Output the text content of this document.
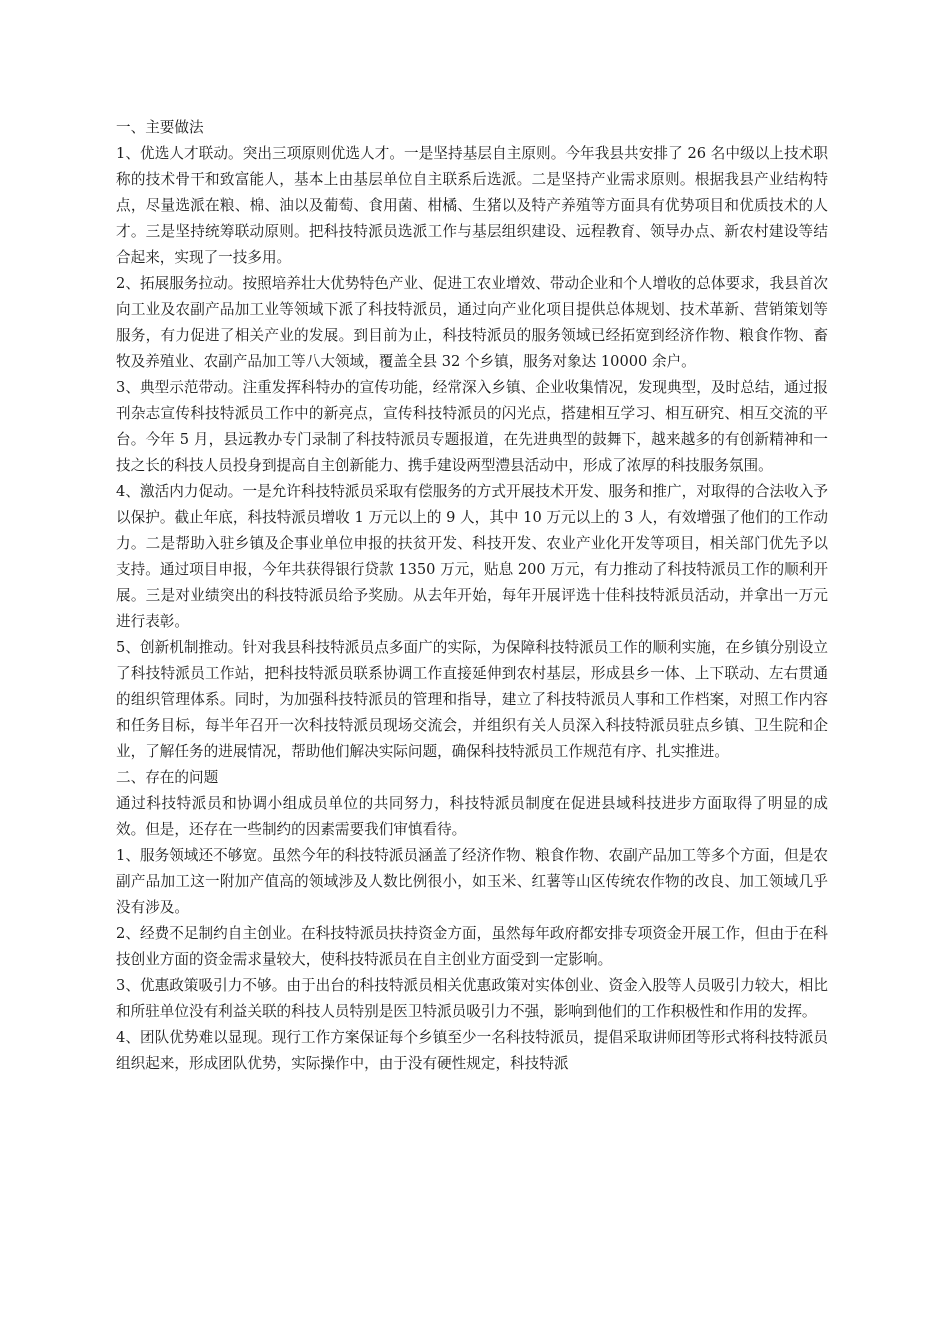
一、主要做法

1、优选人才联动。突出三项原则优选人才。一是坚持基层自主原则。今年我县共安排了 26 名中级以上技术职称的技术骨干和致富能人，基本上由基层单位自主联系后选派。二是坚持产业需求原则。根据我县产业结构特点，尽量选派在粮、棉、油以及葡萄、食用菌、柑橘、生猪以及特产养殖等方面具有优势项目和优质技术的人才。三是坚持统筹联动原则。把科技特派员选派工作与基层组织建设、远程教育、领导办点、新农村建设等结合起来，实现了一技多用。

2、拓展服务拉动。按照培养壮大优势特色产业、促进工农业增效、带动企业和个人增收的总体要求，我县首次向工业及农副产品加工业等领域下派了科技特派员，通过向产业化项目提供总体规划、技术革新、营销策划等服务，有力促进了相关产业的发展。到目前为止，科技特派员的服务领域已经拓宽到经济作物、粮食作物、畜牧及养殖业、农副产品加工等八大领域，覆盖全县 32 个乡镇，服务对象达 10000 余户。

3、典型示范带动。注重发挥科特办的宣传功能，经常深入乡镇、企业收集情况，发现典型，及时总结，通过报刊杂志宣传科技特派员工作中的新亮点，宣传科技特派员的闪光点，搭建相互学习、相互研究、相互交流的平台。今年 5 月，县远教办专门录制了科技特派员专题报道，在先进典型的鼓舞下，越来越多的有创新精神和一技之长的科技人员投身到提高自主创新能力、携手建设两型澧县活动中，形成了浓厚的科技服务氛围。

4、激活内力促动。一是允许科技特派员采取有偿服务的方式开展技术开发、服务和推广，对取得的合法收入予以保护。截止年底，科技特派员增收 1 万元以上的 9 人，其中 10 万元以上的 3 人，有效增强了他们的工作动力。二是帮助入驻乡镇及企事业单位申报的扶贫开发、科技开发、农业产业化开发等项目，相关部门优先予以支持。通过项目申报，今年共获得银行贷款 1350 万元，贴息 200 万元，有力推动了科技特派员工作的顺利开展。三是对业绩突出的科技特派员给予奖励。从去年开始，每年开展评选十佳科技特派员活动，并拿出一万元进行表彰。

5、创新机制推动。针对我县科技特派员点多面广的实际，为保障科技特派员工作的顺利实施，在乡镇分别设立了科技特派员工作站，把科技特派员联系协调工作直接延伸到农村基层，形成县乡一体、上下联动、左右贯通的组织管理体系。同时，为加强科技特派员的管理和指导，建立了科技特派员人事和工作档案，对照工作内容和任务目标，每半年召开一次科技特派员现场交流会，并组织有关人员深入科技特派员驻点乡镇、卫生院和企业，了解任务的进展情况，帮助他们解决实际问题，确保科技特派员工作规范有序、扎实推进。

二、存在的问题

通过科技特派员和协调小组成员单位的共同努力，科技特派员制度在促进县域科技进步方面取得了明显的成效。但是，还存在一些制约的因素需要我们审慎看待。

1、服务领域还不够宽。虽然今年的科技特派员涵盖了经济作物、粮食作物、农副产品加工等多个方面，但是农副产品加工这一附加产值高的领域涉及人数比例很小，如玉米、红薯等山区传统农作物的改良、加工领域几乎没有涉及。

2、经费不足制约自主创业。在科技特派员扶持资金方面，虽然每年政府都安排专项资金开展工作，但由于在科技创业方面的资金需求量较大，使科技特派员在自主创业方面受到一定影响。

3、优惠政策吸引力不够。由于出台的科技特派员相关优惠政策对实体创业、资金入股等人员吸引力较大，相比和所驻单位没有利益关联的科技人员特别是医卫特派员吸引力不强，影响到他们的工作积极性和作用的发挥。

4、团队优势难以显现。现行工作方案保证每个乡镇至少一名科技特派员，提倡采取讲师团等形式将科技特派员组织起来，形成团队优势，实际操作中，由于没有硬性规定，科技特派
